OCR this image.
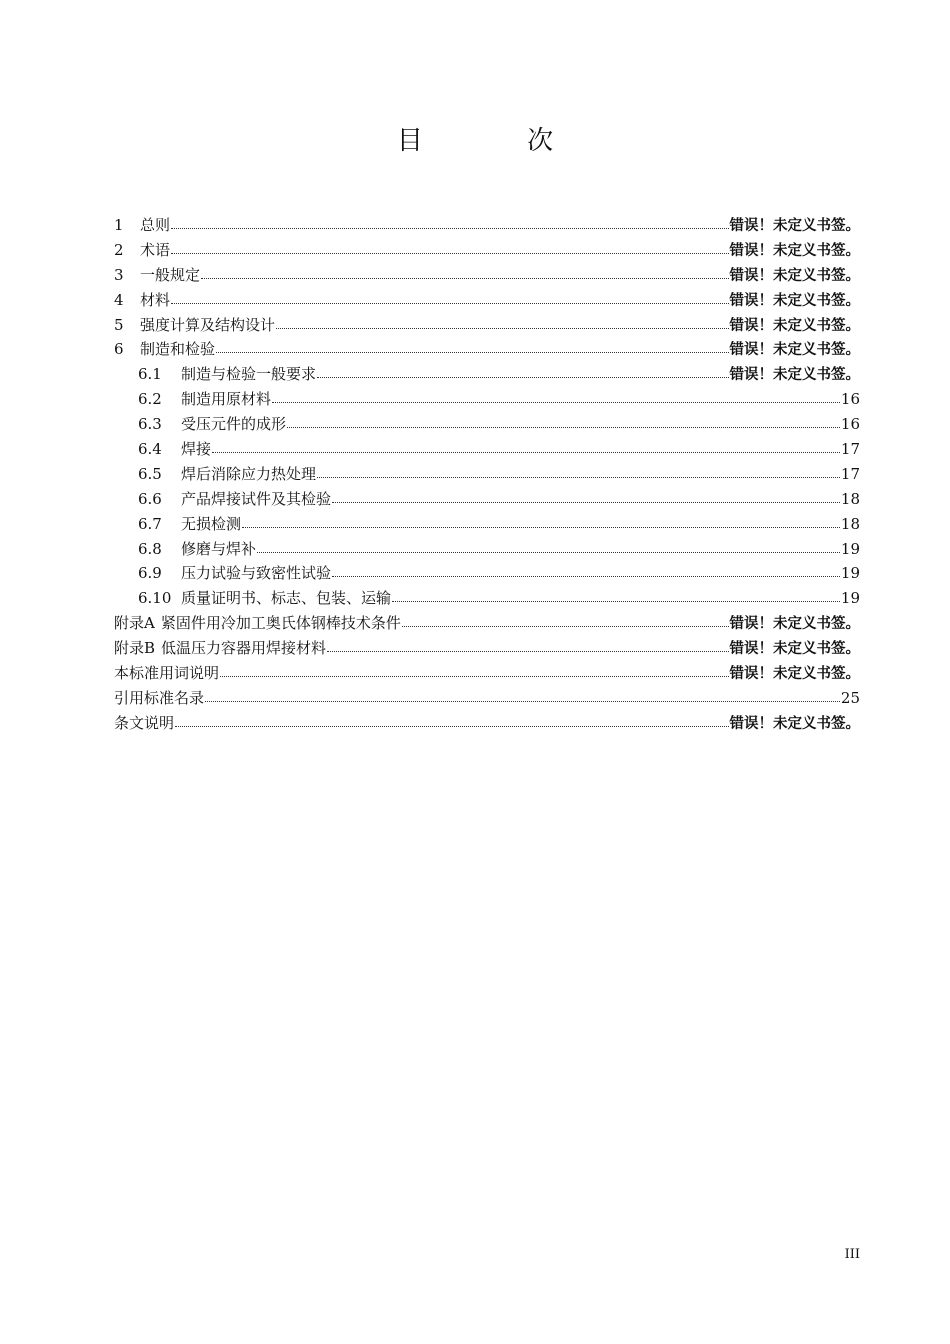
目 次
1	总则	错误！未定义书签。
2	术语	错误！未定义书签。
3	一般规定	错误！未定义书签。
4	材料	错误！未定义书签。
5	强度计算及结构设计	错误！未定义书签。
6	制造和检验	错误！未定义书签。
6.1	制造与检验一般要求	错误！未定义书签。
6.2	制造用原材料	16
6.3	受压元件的成形	16
6.4	焊接	17
6.5	焊后消除应力热处理	17
6.6	产品焊接试件及其检验	18
6.7	无损检测	18
6.8	修磨与焊补	19
6.9	压力试验与致密性试验	19
6.10 质量证明书、标志、包装、运输	19
附录A 紧固件用冷加工奥氏体钢棒技术条件	错误！未定义书签。
附录B 低温压力容器用焊接材料	错误！未定义书签。
本标准用词说明	错误！未定义书签。
引用标准名录	25
条文说明	错误！未定义书签。
III
